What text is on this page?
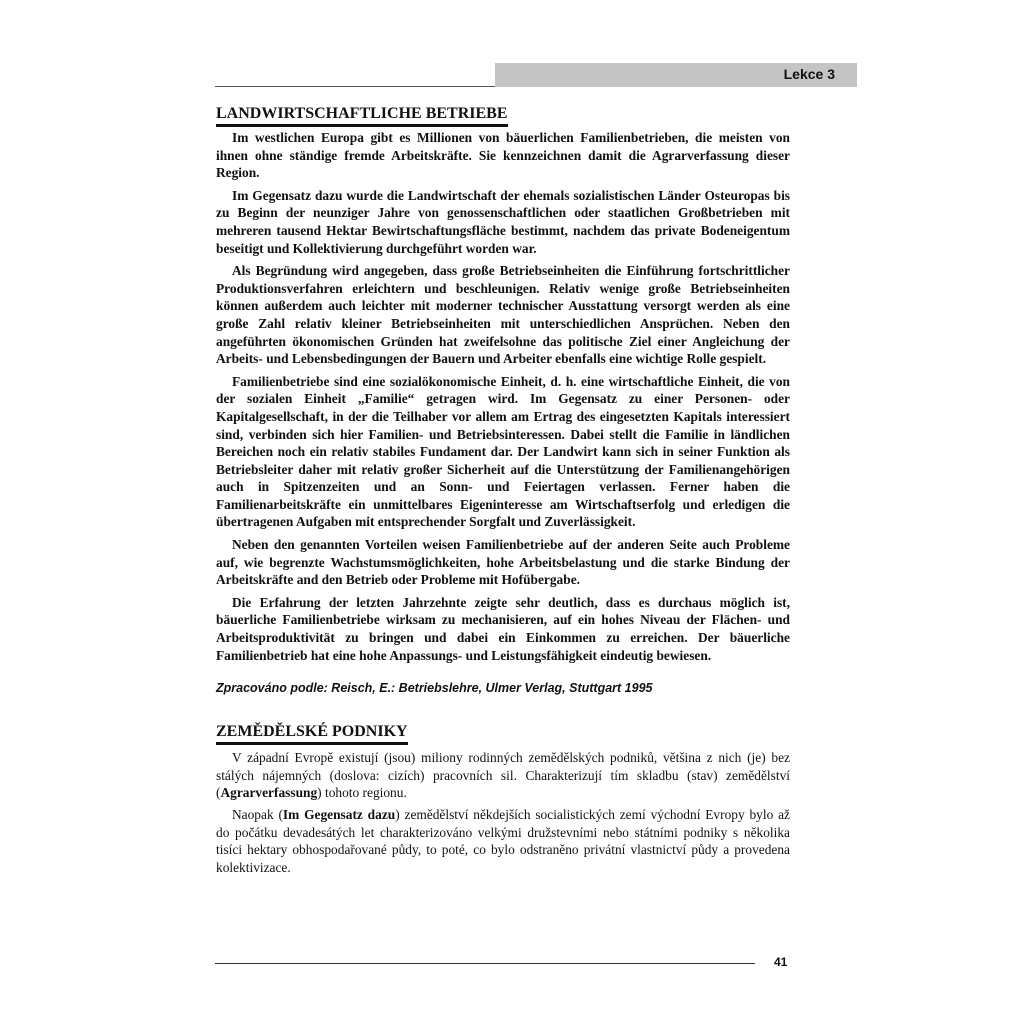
Lekce 3
LANDWIRTSCHAFTLICHE BETRIEBE

Im westlichen Europa gibt es Millionen von bäuerlichen Familienbetrieben, die meisten von ihnen ohne ständige fremde Arbeitskräfte. Sie kennzeichnen damit die Agrarverfassung dieser Region.

Im Gegensatz dazu wurde die Landwirtschaft der ehemals sozialistischen Länder Osteuropas bis zu Beginn der neunziger Jahre von genossenschaftlichen oder staatlichen Großbetrieben mit mehreren tausend Hektar Bewirtschaftungsfläche bestimmt, nachdem das private Bodeneigentum beseitigt und Kollektivierung durchgeführt worden war.

Als Begründung wird angegeben, dass große Betriebseinheiten die Einführung fortschrittlicher Produktionsverfahren erleichtern und beschleunigen. Relativ wenige große Betriebseinheiten können außerdem auch leichter mit moderner technischer Ausstattung versorgt werden als eine große Zahl relativ kleiner Betriebseinheiten mit unterschiedlichen Ansprüchen. Neben den angeführten ökonomischen Gründen hat zweifelsohne das politische Ziel einer Angleichung der Arbeits- und Lebensbedingungen der Bauern und Arbeiter ebenfalls eine wichtige Rolle gespielt.

Familienbetriebe sind eine sozialökonomische Einheit, d. h. eine wirtschaftliche Einheit, die von der sozialen Einheit „Familie“ getragen wird. Im Gegensatz zu einer Personen- oder Kapitalgesellschaft, in der die Teilhaber vor allem am Ertrag des eingesetzten Kapitals interessiert sind, verbinden sich hier Familien- und Betriebsinteressen. Dabei stellt die Familie in ländlichen Bereichen noch ein relativ stabiles Fundament dar. Der Landwirt kann sich in seiner Funktion als Betriebsleiter daher mit relativ großer Sicherheit auf die Unterstützung der Familienangehörigen auch in Spitzenzeiten und an Sonn- und Feiertagen verlassen. Ferner haben die Familienarbeitskräfte ein unmittelbares Eigeninteresse am Wirtschaftserfolg und erledigen die übertragenen Aufgaben mit entsprechender Sorgfalt und Zuverlässigkeit.

Neben den genannten Vorteilen weisen Familienbetriebe auf der anderen Seite auch Probleme auf, wie begrenzte Wachstumsmöglichkeiten, hohe Arbeitsbelastung und die starke Bindung der Arbeitskräfte and den Betrieb oder Probleme mit Hofübergabe.

Die Erfahrung der letzten Jahrzehnte zeigte sehr deutlich, dass es durchaus möglich ist, bäuerliche Familienbetriebe wirksam zu mechanisieren, auf ein hohes Niveau der Flächen- und Arbeitsproduktivität zu bringen und dabei ein Einkommen zu erreichen. Der bäuerliche Familienbetrieb hat eine hohe Anpassungs- und Leistungsfähigkeit eindeutig bewiesen.

Zpracováno podle: Reisch, E.: Betriebslehre, Ulmer Verlag, Stuttgart 1995
ZEMĚDĚLSKÉ PODNIKY

V západní Evropě existují (jsou) miliony rodinných zemědělských podniků, většina z nich (je) bez stálých nájemných (doslova: cizích) pracovních sil. Charakterizují tím skladbu (stav) zemědělství (Agrarverfassung) tohoto regionu.

Naopak (Im Gegensatz dazu) zemědělství někdejších socialistických zemí východní Evropy bylo až do počátku devadesátých let charakterizováno velkými družstevními nebo státními podniky s několika tisíci hektary obhospodařované půdy, to poté, co bylo odstraněno privátní vlastnictví půdy a provedena kolektivizace.

41
